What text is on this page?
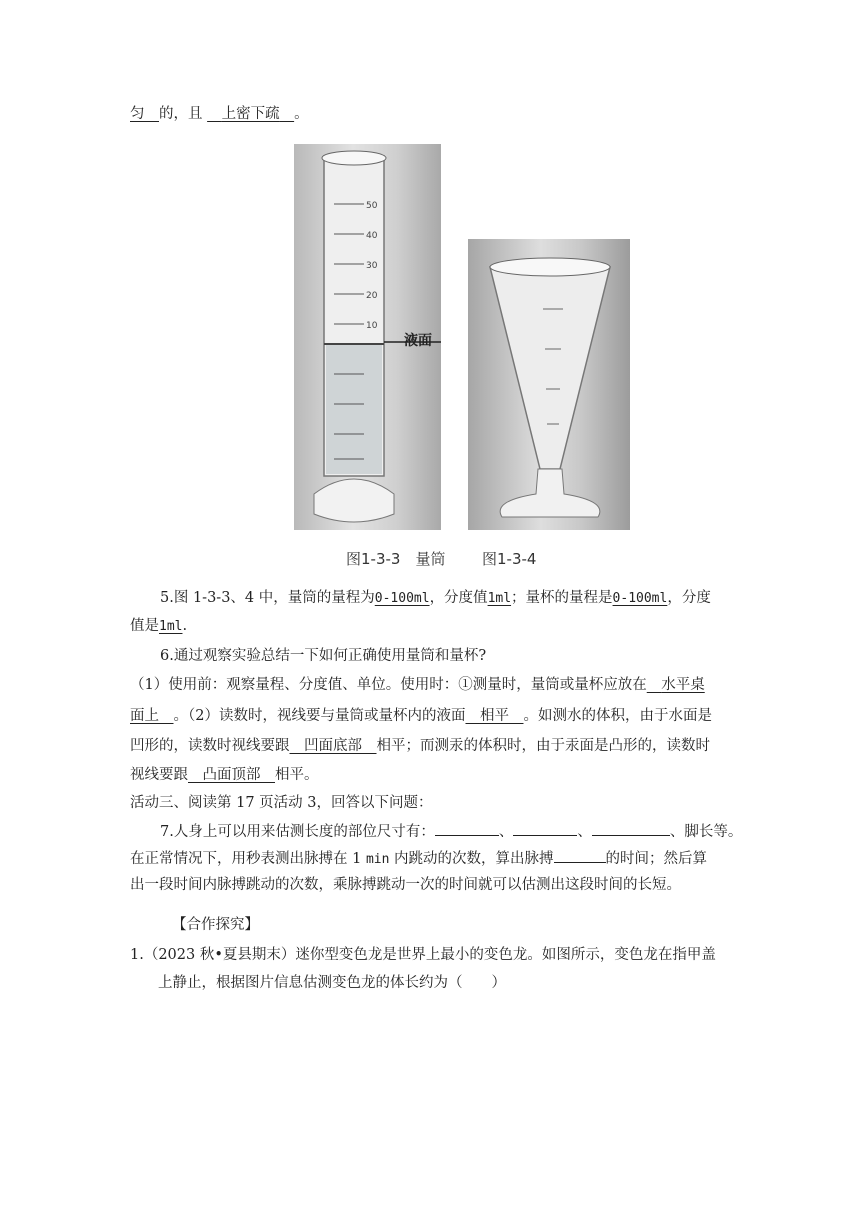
匀　 的，且 　 上密下疏　 。
50
40
30
20
10
液面
图1-3-3　量筒 图1-3-4
5.图 1-3-3、4 中，量筒的量程为0-100ml，分度值1ml；量杯的量程是0-100ml，分度
值是1ml.
6.通过观察实验总结一下如何正确使用量筒和量杯?
（1）使用前：观察量程、分度值、单位。使用时：①测量时，量筒或量杯应放在　 水平桌
面上　 。（2）读数时，视线要与量筒或量杯内的液面　 相平　 。如测水的体积，由于水面是
凹形的，读数时视线要跟　 凹面底部　 相平；而测汞的体积时，由于汞面是凸形的，读数时
视线要跟　 凸面顶部　 相平。
活动三、阅读第 17 页活动 3，回答以下问题：
7.人身上可以用来估测长度的部位尺寸有：	、	、	、脚长等。
在正常情况下，用秒表测出脉搏在 1 min 内跳动的次数，算出脉搏	的时间；然后算
出一段时间内脉搏跳动的次数，乘脉搏跳动一次的时间就可以估测出这段时间的长短。
【合作探究】
1.（2023 秋•夏县期末）迷你型变色龙是世界上最小的变色龙。如图所示，变色龙在指甲盖
上静止，根据图片信息估测变色龙的体长约为（　　）
